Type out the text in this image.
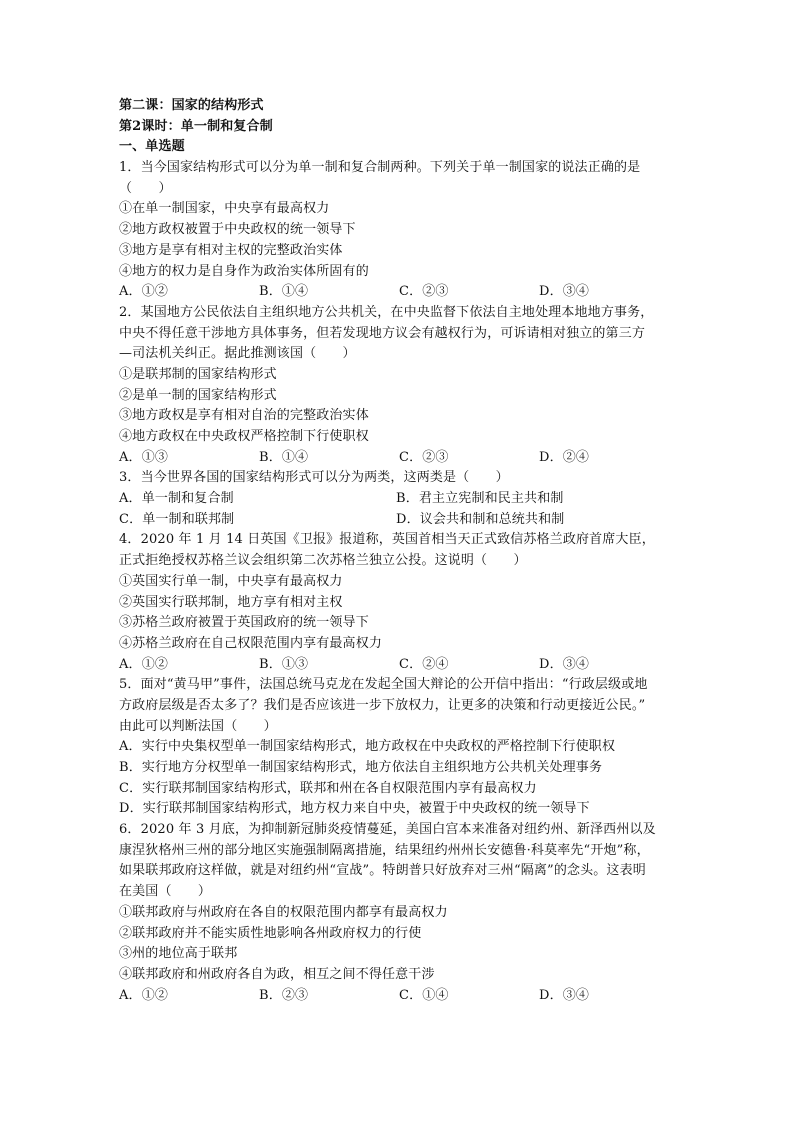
第二课：国家的结构形式
第2课时：单一制和复合制
一、单选题
1．当今国家结构形式可以分为单一制和复合制两种。下列关于单一制国家的说法正确的是
（　　）
①在单一制国家，中央享有最高权力
②地方政权被置于中央政权的统一领导下
③地方是享有相对主权的完整政治实体
④地方的权力是自身作为政治实体所固有的
A．①②	B．①④	C．②③	D．③④
2．某国地方公民依法自主组织地方公共机关，在中央监督下依法自主地处理本地地方事务，
中央不得任意干涉地方具体事务，但若发现地方议会有越权行为，可诉请相对独立的第三方
—司法机关纠正。据此推测该国（　　）
①是联邦制的国家结构形式
②是单一制的国家结构形式
③地方政权是享有相对自治的完整政治实体
④地方政权在中央政权严格控制下行使职权
A．①③	B．①④	C．②③	D．②④
3．当今世界各国的国家结构形式可以分为两类，这两类是（　　）
A．单一制和复合制	B．君主立宪制和民主共和制
C．单一制和联邦制	D．议会共和制和总统共和制
4．2020 年 1 月 14 日英国《卫报》报道称，英国首相当天正式致信苏格兰政府首席大臣，
正式拒绝授权苏格兰议会组织第二次苏格兰独立公投。这说明（　　）
①英国实行单一制，中央享有最高权力
②英国实行联邦制，地方享有相对主权
③苏格兰政府被置于英国政府的统一领导下
④苏格兰政府在自己权限范围内享有最高权力
A．①②	B．①③	C．②④	D．③④
5．面对“黄马甲”事件，法国总统马克龙在发起全国大辩论的公开信中指出：“行政层级或地
方政府层级是否太多了？我们是否应该进一步下放权力，让更多的决策和行动更接近公民。”
由此可以判断法国（　　）
A．实行中央集权型单一制国家结构形式，地方政权在中央政权的严格控制下行使职权
B．实行地方分权型单一制国家结构形式，地方依法自主组织地方公共机关处理事务
C．实行联邦制国家结构形式，联邦和州在各自权限范围内享有最高权力
D．实行联邦制国家结构形式，地方权力来自中央，被置于中央政权的统一领导下
6．2020 年 3 月底，为抑制新冠肺炎疫情蔓延，美国白宫本来准备对纽约州、新泽西州以及
康涅狄格州三州的部分地区实施强制隔离措施，结果纽约州州长安德鲁·科莫率先“开炮”称，
如果联邦政府这样做，就是对纽约州“宣战”。特朗普只好放弃对三州“隔离”的念头。这表明
在美国（　　）
①联邦政府与州政府在各自的权限范围内都享有最高权力
②联邦政府并不能实质性地影响各州政府权力的行使
③州的地位高于联邦
④联邦政府和州政府各自为政，相互之间不得任意干涉
A．①②	B．②③	C．①④	D．③④
